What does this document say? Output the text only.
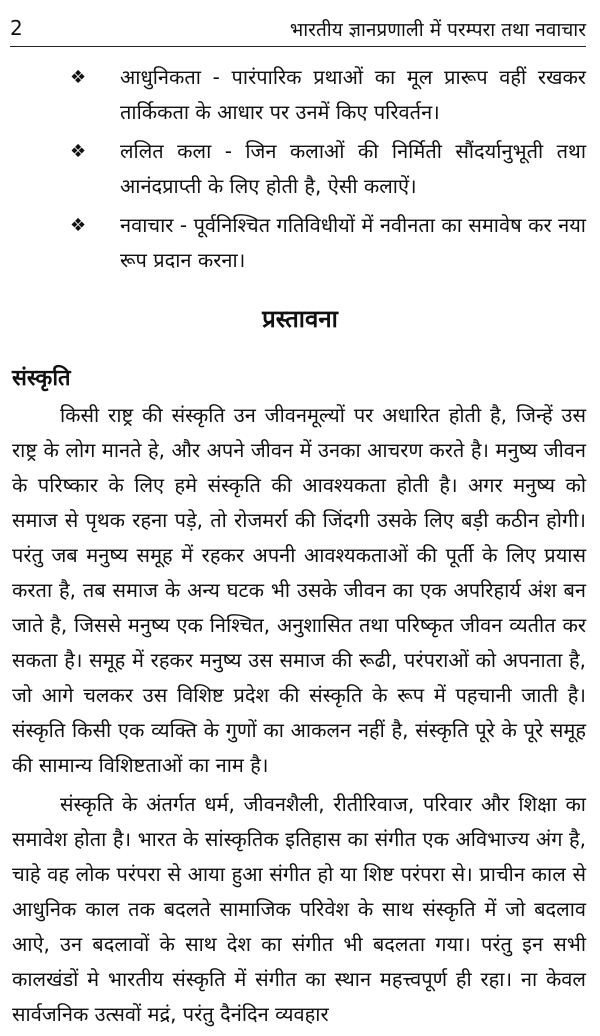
2	भारतीय ज्ञानप्रणाली में परम्परा तथा नवाचार
❖ आधुनिकता - पारंपारिक प्रथाओं का मूल प्रारूप वहीं रखकर तार्किकता के आधार पर उनमें किए परिवर्तन।
❖ ललित कला - जिन कलाओं की निर्मिती सौंदर्यानुभूती तथा आनंदप्राप्ती के लिए होती है, ऐसी कलाऐं।
❖ नवाचार - पूर्वनिश्चित गतिविधीयों में नवीनता का समावेष कर नया रूप प्रदान करना।
प्रस्तावना
संस्कृति

किसी राष्ट्र की संस्कृति उन जीवनमूल्यों पर अधारित होती है, जिन्हें उस राष्ट्र के लोग मानते हे, और अपने जीवन में उनका आचरण करते है। मनुष्य जीवन के परिष्कार के लिए हमे संस्कृति की आवश्यकता होती है। अगर मनुष्य को समाज से पृथक रहना पड़े, तो रोजमर्रा की जिंदगी उसके लिए बड़ी कठीन होगी। परंतु जब मनुष्य समूह में रहकर अपनी आवश्यकताओं की पूर्ती के लिए प्रयास करता है, तब समाज के अन्य घटक भी उसके जीवन का एक अपरिहार्य अंश बन जाते है, जिससे मनुष्य एक निश्चित, अनुशासित तथा परिष्कृत जीवन व्यतीत कर सकता है। समूह में रहकर मनुष्य उस समाज की रूढी, परंपराओं को अपनाता है, जो आगे चलकर उस विशिष्ट प्रदेश की संस्कृति के रूप में पहचानी जाती है। संस्कृति किसी एक व्यक्ति के गुणों का आकलन नहीं है, संस्कृति पूरे के पूरे समूह की सामान्य विशिष्टताओं का नाम है।

संस्कृति के अंतर्गत धर्म, जीवनशैली, रीतीरिवाज, परिवार और शिक्षा का समावेश होता है। भारत के सांस्कृतिक इतिहास का संगीत एक अविभाज्य अंग है, चाहे वह लोक परंपरा से आया हुआ संगीत हो या शिष्ट परंपरा से। प्राचीन काल से आधुनिक काल तक बदलते सामाजिक परिवेश के साथ संस्कृति में जो बदलाव आऐ, उन बदलावों के साथ देश का संगीत भी बदलता गया। परंतु इन सभी कालखंडों मे भारतीय संस्कृति में संगीत का स्थान महत्त्वपूर्ण ही रहा। ना केवल सार्वजनिक उत्सवों मद्रं, परंतु दैनंदिन व्यवहार
